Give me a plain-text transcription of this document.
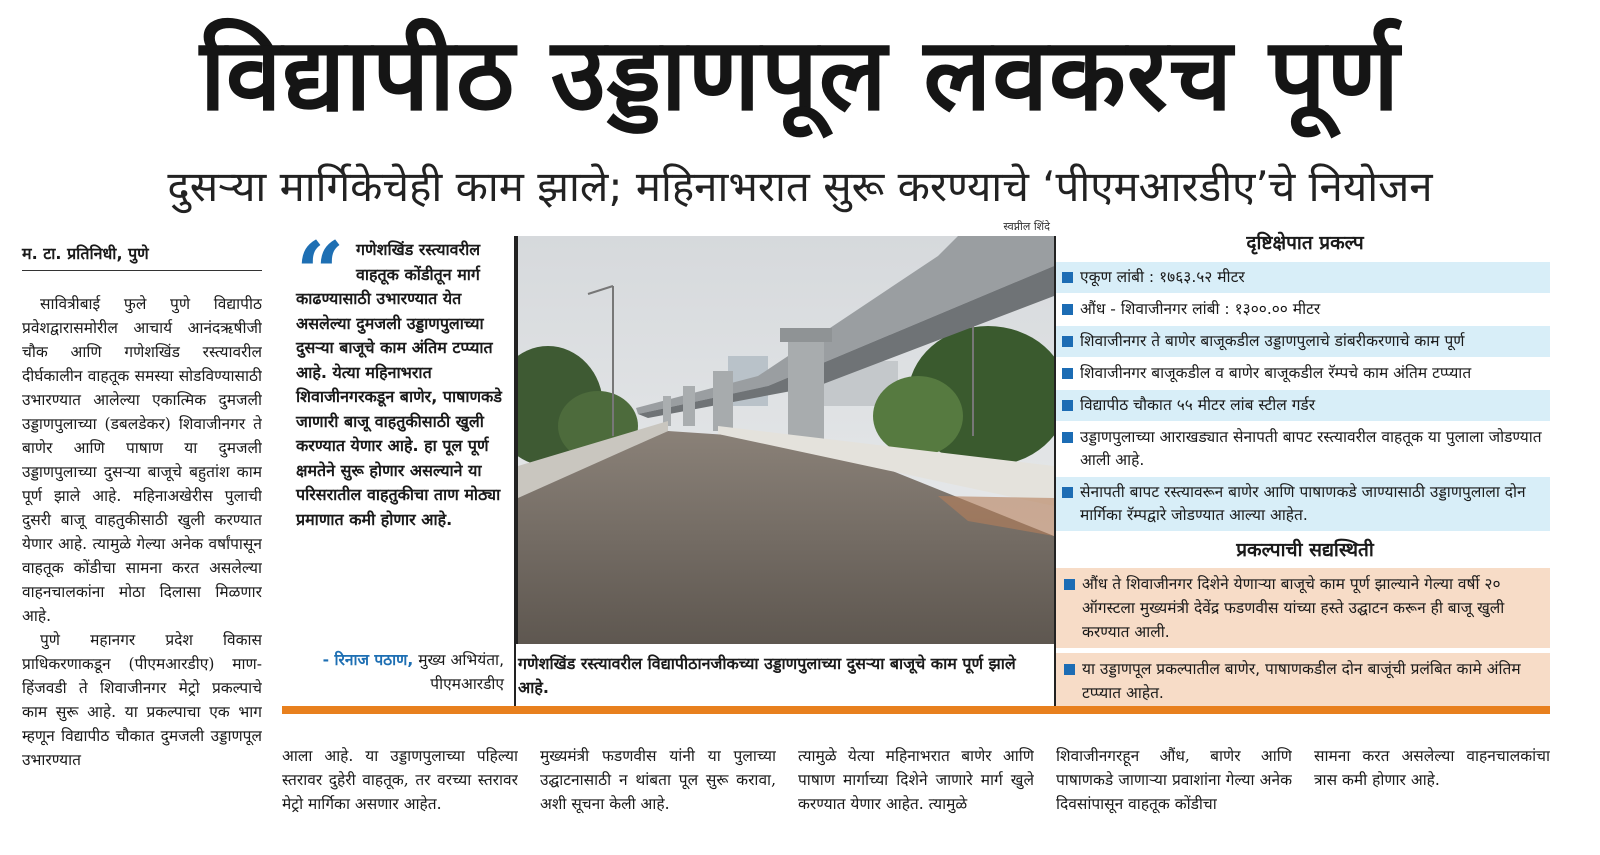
विद्यापीठ उड्डाणपूल लवकरच पूर्ण
दुसऱ्या मार्गिकेचेही काम झाले; महिनाभरात सुरू करण्याचे ‘पीएमआरडीए’चे नियोजन
म. टा. प्रतिनिधी, पुणे

सावित्रीबाई फुले पुणे विद्यापीठ प्रवेशद्वारासमोरील आचार्य आनंदऋषीजी चौक आणि गणेशखिंड रस्त्यावरील दीर्घकालीन वाहतूक समस्या सोडविण्यासाठी उभारण्यात आलेल्या एकात्मिक दुमजली उड्डाणपुलाच्या (डबलडेकर) शिवाजीनगर ते बाणेर आणि पाषाण या दुमजली उड्डाणपुलाच्या दुसऱ्या बाजूचे बहुतांश काम पूर्ण झाले आहे. महिनाअखेरीस पुलाची दुसरी बाजू वाहतुकीसाठी खुली करण्यात येणार आहे. त्यामुळे गेल्या अनेक वर्षांपासून वाहतूक कोंडीचा सामना करत असलेल्या वाहनचालकांना मोठा दिलासा मिळणार आहे.

पुणे महानगर प्रदेश विकास प्राधिकरणाकडून (पीएमआरडीए) माण-हिंजवडी ते शिवाजीनगर मेट्रो प्रकल्पाचे काम सुरू आहे. या प्रकल्पाचा एक भाग म्हणून विद्यापीठ चौकात दुमजली उड्डाणपूल उभारण्यात

“ गणेशखिंड रस्त्यावरील वाहतूक कोंडीतून मार्ग काढण्यासाठी उभारण्यात येत असलेल्या दुमजली उड्डाणपुलाच्या दुसऱ्या बाजूचे काम अंतिम टप्प्यात आहे. येत्या महिनाभरात शिवाजीनगरकडून बाणेर, पाषाणकडे जाणारी बाजू वाहतुकीसाठी खुली करण्यात येणार आहे. हा पूल पूर्ण क्षमतेने सुरू होणार असल्याने या परिसरातील वाहतुकीचा ताण मोठ्या प्रमाणात कमी होणार आहे.
- रिनाज पठाण, मुख्य अभियंता, पीएमआरडीए
स्वप्नील शिंदे
गणेशखिंड रस्त्यावरील विद्यापीठानजीकच्या उड्डाणपुलाच्या दुसऱ्या बाजूचे काम पूर्ण झाले आहे.
दृष्टिक्षेपात प्रकल्प
एकूण लांबी : १७६३.५२ मीटर
औंध - शिवाजीनगर लांबी : १३००.०० मीटर
शिवाजीनगर ते बाणेर बाजूकडील उड्डाणपुलाचे डांबरीकरणाचे काम पूर्ण
शिवाजीनगर बाजूकडील व बाणेर बाजूकडील रॅम्पचे काम अंतिम टप्प्यात
विद्यापीठ चौकात ५५ मीटर लांब स्टील गर्डर
उड्डाणपुलाच्या आराखड्यात सेनापती बापट रस्त्यावरील वाहतूक या पुलाला जोडण्यात आली आहे.
सेनापती बापट रस्त्यावरून बाणेर आणि पाषाणकडे जाण्यासाठी उड्डाणपुलाला दोन मार्गिका रॅम्पद्वारे जोडण्यात आल्या आहेत.
प्रकल्पाची सद्यस्थिती
औंध ते शिवाजीनगर दिशेने येणाऱ्या बाजूचे काम पूर्ण झाल्याने गेल्या वर्षी २० ऑगस्टला मुख्यमंत्री देवेंद्र फडणवीस यांच्या हस्ते उद्घाटन करून ही बाजू खुली करण्यात आली.
या उड्डाणपूल प्रकल्पातील बाणेर, पाषाणकडील दोन बाजूंची प्रलंबित कामे अंतिम टप्प्यात आहेत.
आला आहे. या उड्डाणपुलाच्या पहिल्या स्तरावर दुहेरी वाहतूक, तर वरच्या स्तरावर मेट्रो मार्गिका असणार आहेत.
मुख्यमंत्री फडणवीस यांनी या पुलाच्या उद्घाटनासाठी न थांबता पूल सुरू करावा, अशी सूचना केली आहे.
त्यामुळे येत्या महिनाभरात बाणेर आणि पाषाण मार्गाच्या दिशेने जाणारे मार्ग खुले करण्यात येणार आहेत. त्यामुळे
शिवाजीनगरहून औंध, बाणेर आणि पाषाणकडे जाणाऱ्या प्रवाशांना गेल्या अनेक दिवसांपासून वाहतूक कोंडीचा
सामना करत असलेल्या वाहनचालकांचा त्रास कमी होणार आहे.
